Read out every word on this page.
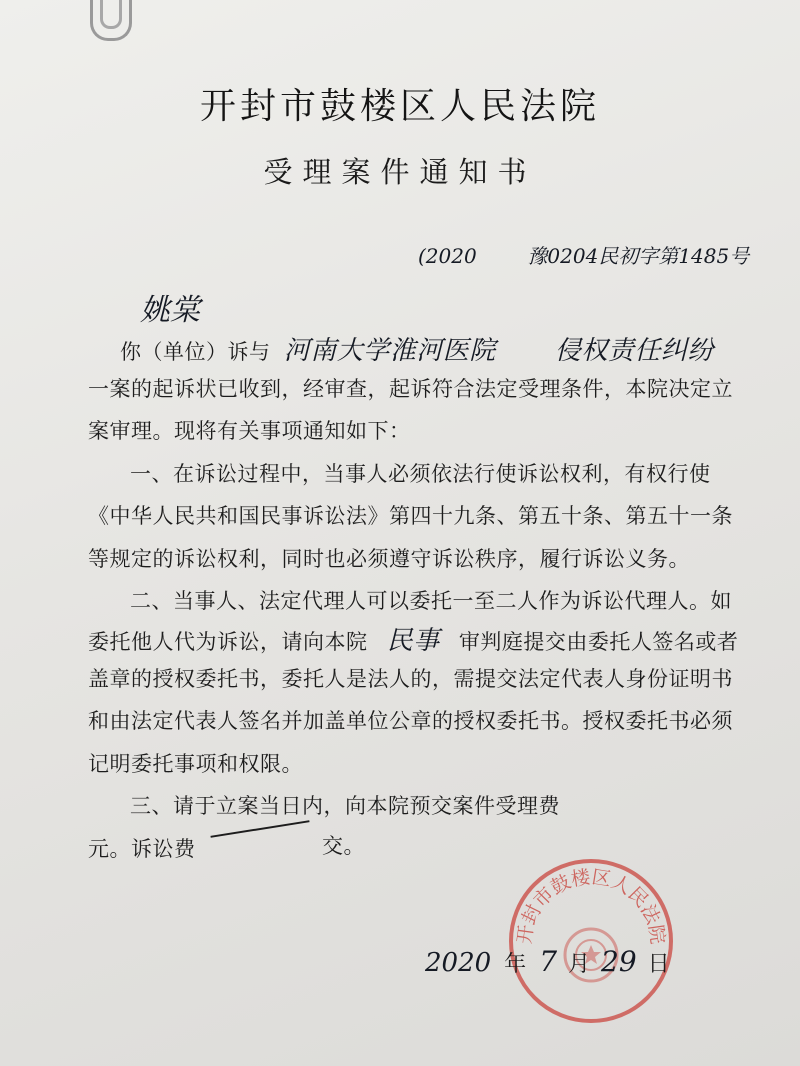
开封市鼓楼区人民法院
受理案件通知书
(2020	豫0204民初字第1485号
姚棠
你（单位）诉与 河南大学淮河医院 侵权责任纠纷
一案的起诉状已收到，经审查，起诉符合法定受理条件，本院决定立
案审理。现将有关事项通知如下：
一、在诉讼过程中，当事人必须依法行使诉讼权利，有权行使
《中华人民共和国民事诉讼法》第四十九条、第五十条、第五十一条
等规定的诉讼权利，同时也必须遵守诉讼秩序，履行诉讼义务。
二、当事人、法定代理人可以委托一至二人作为诉讼代理人。如
委托他人代为诉讼，请向本院 民事 审判庭提交由委托人签名或者
盖章的授权委托书，委托人是法人的，需提交法定代表人身份证明书
和由法定代表人签名并加盖单位公章的授权委托书。授权委托书必须
记明委托事项和权限。
三、请于立案当日内，向本院预交案件受理费
元。诉讼费	交。
开封市鼓楼区人民法院
2020 年 7 月 29 日
